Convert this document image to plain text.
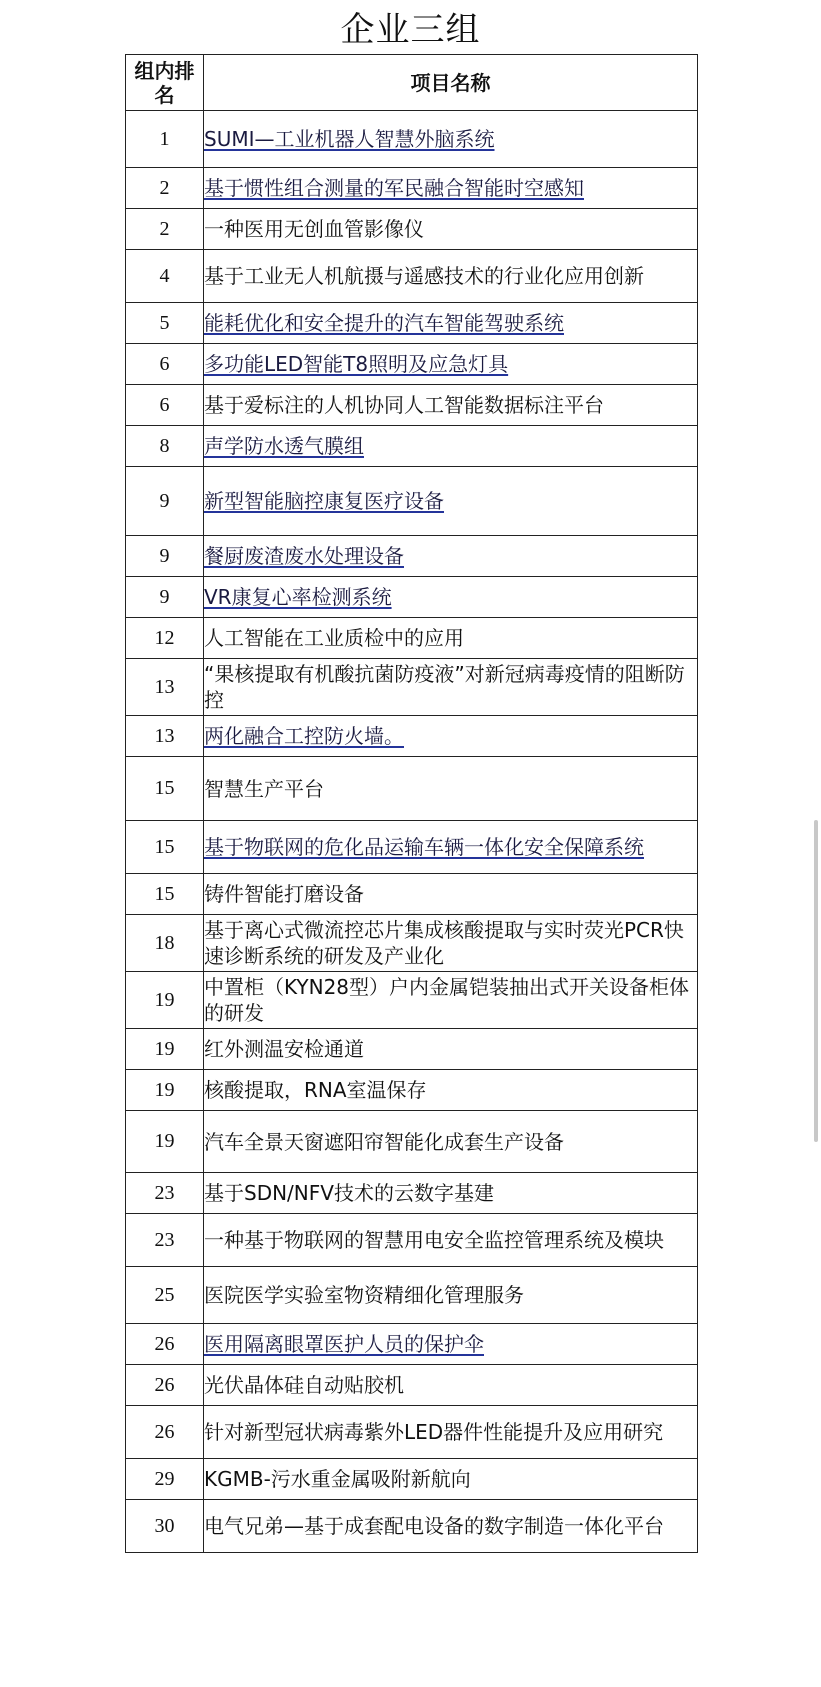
企业三组
组内排名	项目名称
1	SUMI—工业机器人智慧外脑系统
2	基于惯性组合测量的军民融合智能时空感知
2	一种医用无创血管影像仪
4	基于工业无人机航摄与遥感技术的行业化应用创新
5	能耗优化和安全提升的汽车智能驾驶系统
6	多功能LED智能T8照明及应急灯具
6	基于爱标注的人机协同人工智能数据标注平台
8	声学防水透气膜组
9	新型智能脑控康复医疗设备
9	餐厨废渣废水处理设备
9	VR康复心率检测系统
12	人工智能在工业质检中的应用
13	“果核提取有机酸抗菌防疫液”对新冠病毒疫情的阻断防控
13	两化融合工控防火墙。
15	智慧生产平台
15	基于物联网的危化品运输车辆一体化安全保障系统
15	铸件智能打磨设备
18	基于离心式微流控芯片集成核酸提取与实时荧光PCR快速诊断系统的研发及产业化
19	中置柜（KYN28型）户内金属铠装抽出式开关设备柜体的研发
19	红外测温安检通道
19	核酸提取，RNA室温保存
19	汽车全景天窗遮阳帘智能化成套生产设备
23	基于SDN/NFV技术的云数字基建
23	一种基于物联网的智慧用电安全监控管理系统及模块
25	医院医学实验室物资精细化管理服务
26	医用隔离眼罩医护人员的保护伞
26	光伏晶体硅自动贴胶机
26	针对新型冠状病毒紫外LED器件性能提升及应用研究
29	KGMB-污水重金属吸附新航向
30	电气兄弟—基于成套配电设备的数字制造一体化平台
